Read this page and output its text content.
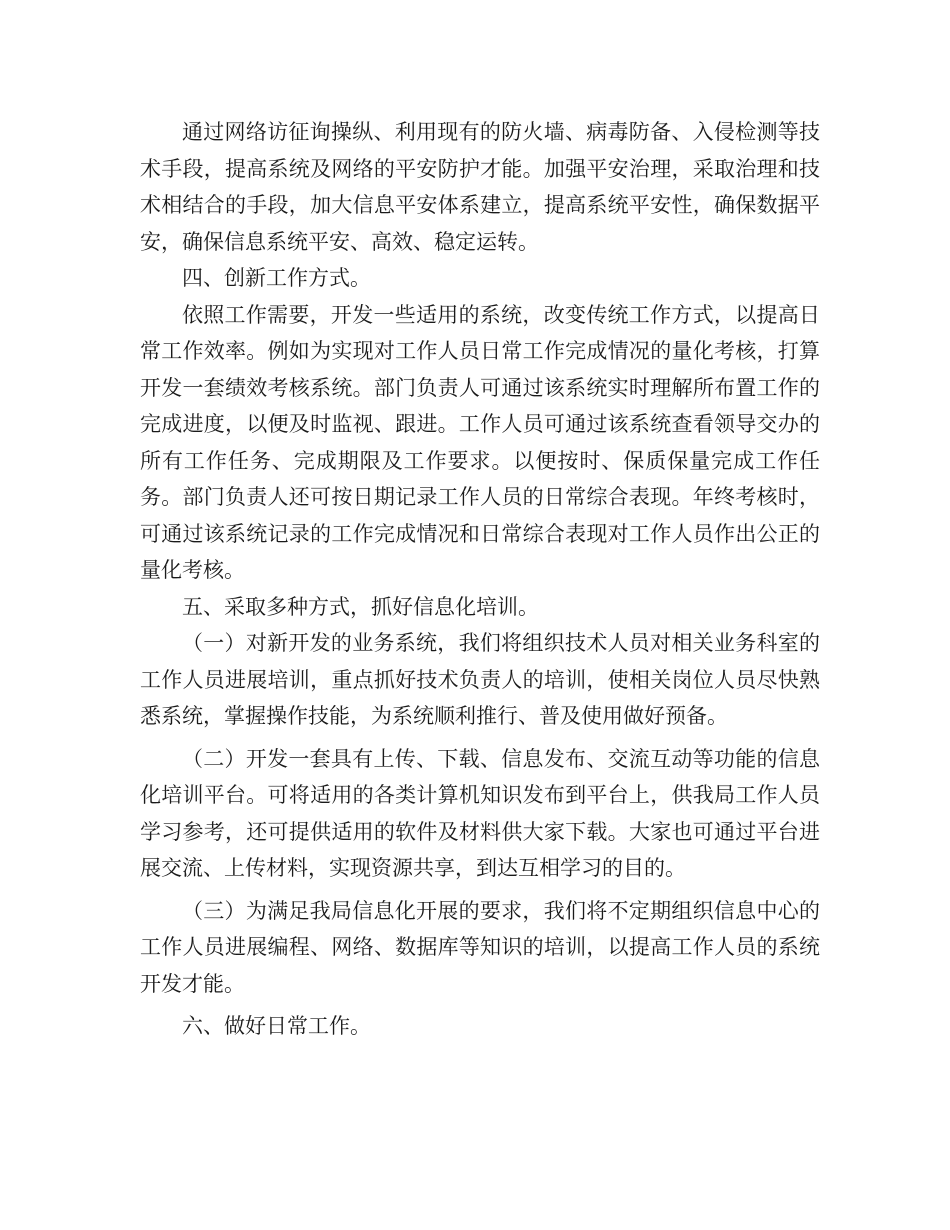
通过网络访征询操纵、利用现有的防火墙、病毒防备、入侵检测等技术手段，提高系统及网络的平安防护才能。加强平安治理，采取治理和技术相结合的手段，加大信息平安体系建立，提高系统平安性，确保数据平安，确保信息系统平安、高效、稳定运转。

四、创新工作方式。

依照工作需要，开发一些适用的系统，改变传统工作方式，以提高日常工作效率。例如为实现对工作人员日常工作完成情况的量化考核，打算开发一套绩效考核系统。部门负责人可通过该系统实时理解所布置工作的完成进度，以便及时监视、跟进。工作人员可通过该系统查看领导交办的所有工作任务、完成期限及工作要求。以便按时、保质保量完成工作任务。部门负责人还可按日期记录工作人员的日常综合表现。年终考核时，可通过该系统记录的工作完成情况和日常综合表现对工作人员作出公正的量化考核。

五、采取多种方式，抓好信息化培训。

（一）对新开发的业务系统，我们将组织技术人员对相关业务科室的工作人员进展培训，重点抓好技术负责人的培训，使相关岗位人员尽快熟悉系统，掌握操作技能，为系统顺利推行、普及使用做好预备。

（二）开发一套具有上传、下载、信息发布、交流互动等功能的信息化培训平台。可将适用的各类计算机知识发布到平台上，供我局工作人员学习参考，还可提供适用的软件及材料供大家下载。大家也可通过平台进展交流、上传材料，实现资源共享，到达互相学习的目的。

（三）为满足我局信息化开展的要求，我们将不定期组织信息中心的工作人员进展编程、网络、数据库等知识的培训，以提高工作人员的系统开发才能。

六、做好日常工作。
